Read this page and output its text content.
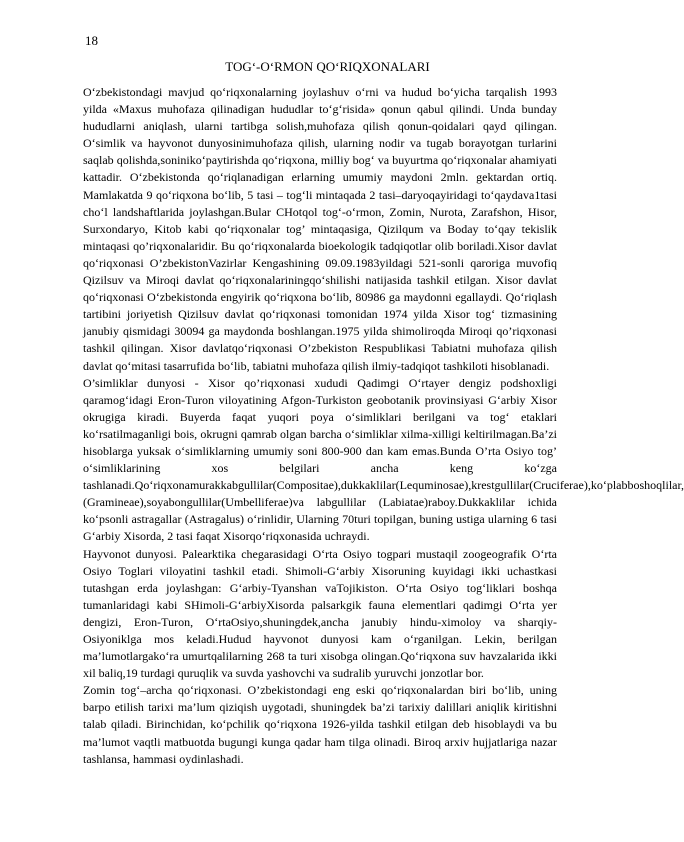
18
TOG‘-O‘RMON QO‘RIQXONALARI

O‘zbekistondagi mavjud qo‘riqxonalarning joylashuv o‘rni va hudud bo‘yicha tarqalish 1993 yilda «Maxus muhofaza qilinadigan hududlar to‘g‘risida» qonun qabul qilindi. Unda bunday hududlarni aniqlash, ularni tartibga solish,muhofaza qilish qonun-qoidalari qayd qilingan. O‘simlik va hayvonot dunyosinimuhofaza qilish, ularning nodir va tugab borayotgan turlarini saqlab qolishda,soniniko‘paytirishda qo‘riqxona, milliy bog‘ va buyurtma qo‘riqxonalar ahamiyati kattadir. O‘zbekistonda qo‘riqlanadigan erlarning umumiy maydoni 2mln. gektardan ortiq. Mamlakatda 9 qo‘riqxona bo‘lib, 5 tasi – tog‘li mintaqada 2 tasi–daryoqayiridagi to‘qaydava1tasi cho‘l landshaftlarida joylashgan.Bular CHotqol tog‘-o‘rmon, Zomin, Nurota, Zarafshon, Hisor, Surxondaryo, Kitob kabi qo‘riqxonalar tog’ mintaqasiga, Qizilqum va Boday to‘qay tekislik mintaqasi qo’riqxonalaridir. Bu qo‘riqxonalarda bioekologik tadqiqotlar olib boriladi.Xisor davlat qo‘riqxonasi O’zbekistonVazirlar Kengashining 09.09.1983yildagi 521-sonli qaroriga muvofiq Qizilsuv va Miroqi davlat qo‘riqxonalariningqo‘shilishi natijasida tashkil etilgan. Xisor davlat qo‘riqxonasi O‘zbekistonda engyirik qo‘riqxona bo‘lib, 80986 ga maydonni egallaydi. Qo‘riqlash tartibini joriyetish Qizilsuv davlat qo‘riqxonasi tomonidan 1974 yilda Xisor tog‘ tizmasining janubiy qismidagi 30094 ga maydonda boshlangan.1975 yilda shimoliroqda Miroqi qo’riqxonasi tashkil qilingan. Xisor davlatqo‘riqxonasi O’zbekiston Respublikasi Tabiatni muhofaza qilish davlat qo‘mitasi tasarrufida bo‘lib, tabiatni muhofaza qilish ilmiy-tadqiqot tashkiloti hisoblanadi.

O’simliklar dunyosi - Xisor qo’riqxonasi xududi Qadimgi O‘rtayer dengiz podshoxligi qaramog‘idagi Eron-Turon viloyatining Afgon-Turkiston geobotanik provinsiyasi G‘arbiy Xisor okrugiga kiradi. Buyerda faqat yuqori poya o‘simliklari berilgani va tog‘ etaklari ko‘rsatilmaganligi bois, okrugni qamrab olgan barcha o‘simliklar xilma-xilligi keltirilmagan.Ba’zi hisoblarga yuksak o‘simliklarning umumiy soni 800-900 dan kam emas.Bunda O’rta Osiyo tog’ o‘simliklarining xos belgilari ancha keng ko‘zga tashlanadi.Qo‘riqxonamurakkabgullilar(Compositae),dukkaklilar(Lequminosae),krestgullilar(Cruciferae),ko‘plabboshoqlilar,(Gramineae),soyabongullilar(Umbelliferae)va labgullilar (Labiatae)raboy.Dukkaklilar ichida ko‘psonli astragallar (Astragalus) o‘rinlidir, Ularning 70turi topilgan, buning ustiga ularning 6 tasi G‘arbiy Xisorda, 2 tasi faqat Xisorqo‘riqxonasida uchraydi.

Hayvonot dunyosi. Palearktika chegarasidagi O‘rta Osiyo togpari mustaqil zoogeografik O‘rta Osiyo Toglari viloyatini tashkil etadi. Shimoli-G‘arbiy Xisoruning kuyidagi ikki uchastkasi tutashgan erda joylashgan: G‘arbiy-Tyanshan vaTojikiston. O‘rta Osiyo tog‘liklari boshqa tumanlaridagi kabi SHimoli-G‘arbiyXisorda palsarkgik fauna elementlari qadimgi O‘rta yer dengizi, Eron-Turon, O‘rtaOsiyo,shuningdek,ancha janubiy hindu-ximoloy va sharqiy-Osiyoniklga mos keladi.Hudud hayvonot dunyosi kam o‘rganilgan. Lekin, berilgan ma’lumotlargako‘ra umurtqalilarning 268 ta turi xisobga olingan.Qo‘riqxona suv havzalarida ikki xil baliq,19 turdagi quruqlik va suvda yashovchi va sudralib yuruvchi jonzotlar bor.

Zomin tog‘–archa qo‘riqxonasi. O’zbekistondagi eng eski qo‘riqxonalardan biri bo‘lib, uning barpo etilish tarixi ma’lum qiziqish uygotadi, shuningdek ba’zi tarixiy dalillari aniqlik kiritishni talab qiladi. Birinchidan, ko‘pchilik qo‘riqxona 1926-yilda tashkil etilgan deb hisoblaydi va bu ma’lumot vaqtli matbuotda bugungi kunga qadar ham tilga olinadi. Biroq arxiv hujjatlariga nazar tashlansa, hammasi oydinlashadi.
